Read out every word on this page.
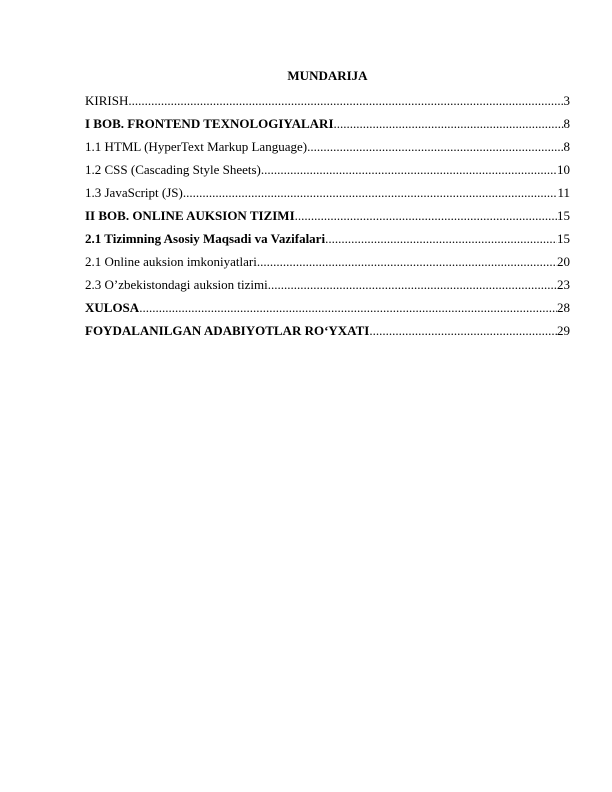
MUNDARIJA
KIRISH .....	3
I BOB. FRONTEND TEXNOLOGIYALARI .....	8
1.1 HTML (HyperText Markup Language) .....	8
1.2 CSS (Cascading Style Sheets) .....	10
1.3 JavaScript (JS) .....	11
II BOB. ONLINE AUKSION TIZIMI .....	15
2.1 Tizimning Asosiy Maqsadi va Vazifalari .....	15
2.1 Online auksion imkoniyatlari .....	20
2.3 O’zbekistondagi auksion tizimi .....	23
XULOSA .....	28
FOYDALANILGAN ADABIYOTLAR RO‘YXATI .....	29
